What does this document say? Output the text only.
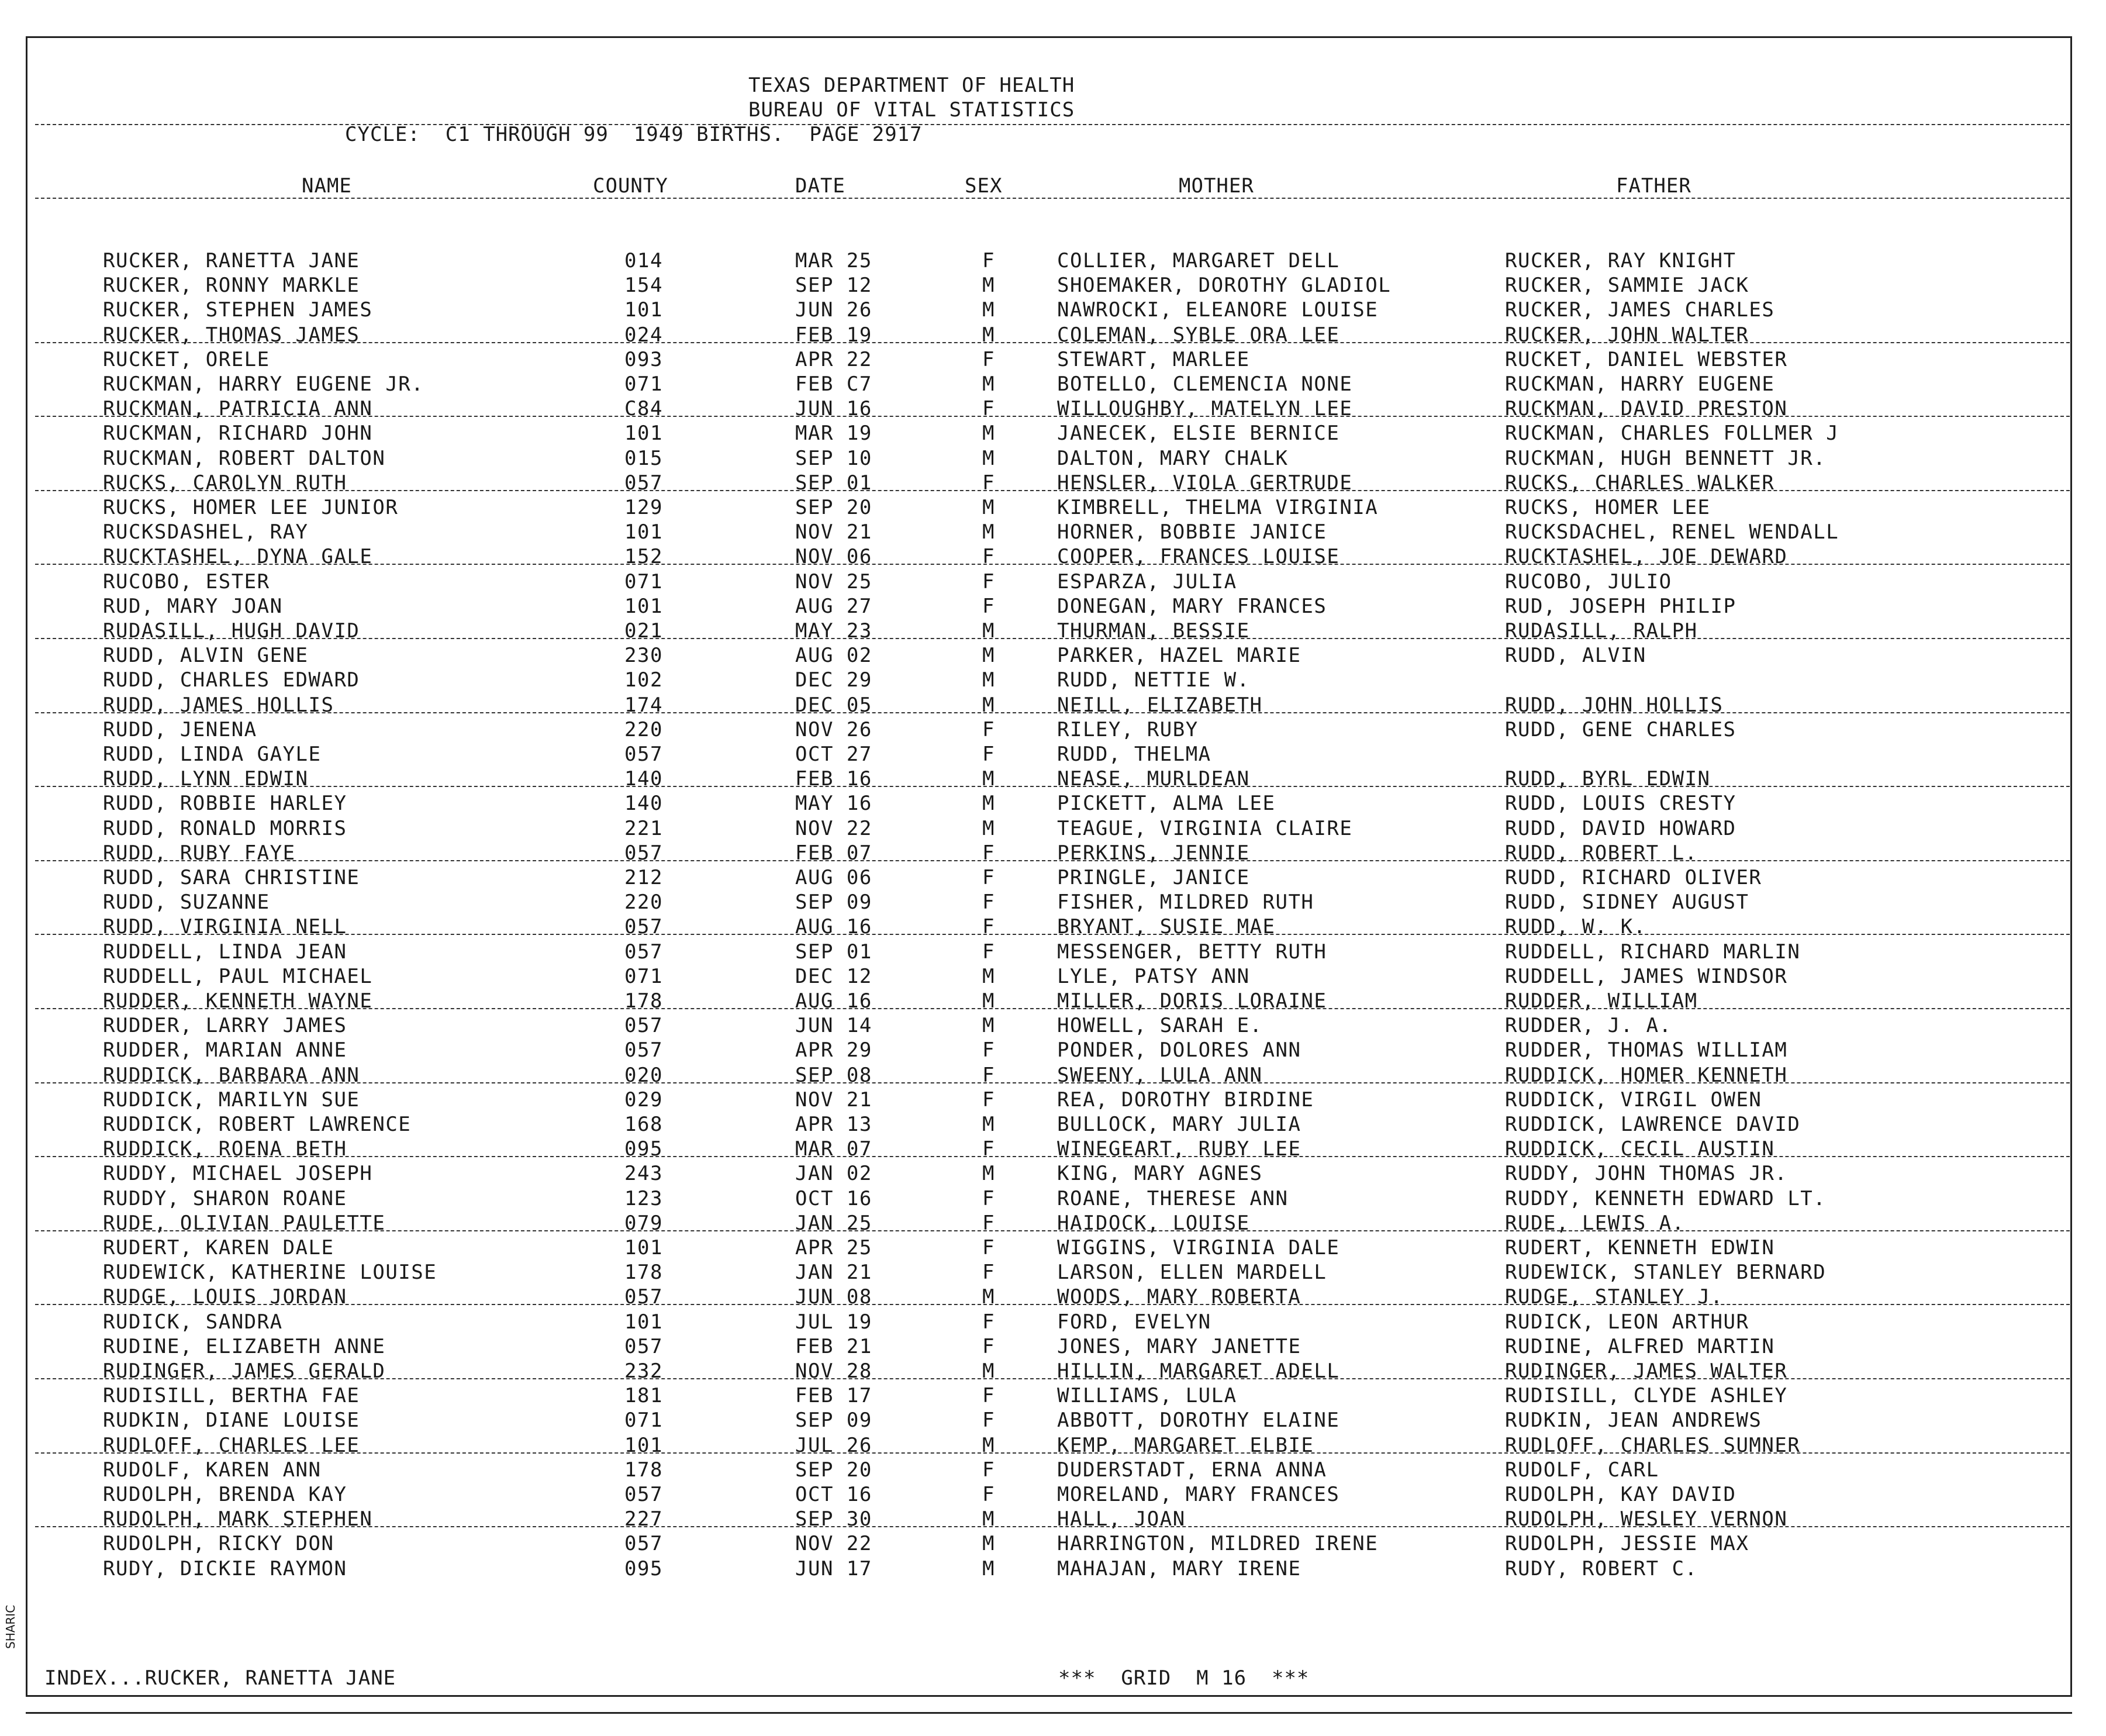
TEXAS DEPARTMENT OF HEALTH
BUREAU OF VITAL STATISTICS
CYCLE:  C1 THROUGH 99  1949 BIRTHS.  PAGE 2917
NAME	COUNTY	DATE	SEX	MOTHER	FATHER
RUCKER, RANETTA JANE	014	MAR 25	F	COLLIER, MARGARET DELL	RUCKER, RAY KNIGHT
RUCKER, RONNY MARKLE	154	SEP 12	M	SHOEMAKER, DOROTHY GLADIOL	RUCKER, SAMMIE JACK
RUCKER, STEPHEN JAMES	101	JUN 26	M	NAWROCKI, ELEANORE LOUISE	RUCKER, JAMES CHARLES
RUCKER, THOMAS JAMES	024	FEB 19	M	COLEMAN, SYBLE ORA LEE	RUCKER, JOHN WALTER
RUCKET, ORELE	093	APR 22	F	STEWART, MARLEE	RUCKET, DANIEL WEBSTER
RUCKMAN, HARRY EUGENE JR.	071	FEB C7	M	BOTELLO, CLEMENCIA NONE	RUCKMAN, HARRY EUGENE
RUCKMAN, PATRICIA ANN	C84	JUN 16	F	WILLOUGHBY, MATELYN LEE	RUCKMAN, DAVID PRESTON
RUCKMAN, RICHARD JOHN	101	MAR 19	M	JANECEK, ELSIE BERNICE	RUCKMAN, CHARLES FOLLMER J
RUCKMAN, ROBERT DALTON	015	SEP 10	M	DALTON, MARY CHALK	RUCKMAN, HUGH BENNETT JR.
RUCKS, CAROLYN RUTH	057	SEP 01	F	HENSLER, VIOLA GERTRUDE	RUCKS, CHARLES WALKER
RUCKS, HOMER LEE JUNIOR	129	SEP 20	M	KIMBRELL, THELMA VIRGINIA	RUCKS, HOMER LEE
RUCKSDASHEL, RAY	101	NOV 21	M	HORNER, BOBBIE JANICE	RUCKSDACHEL, RENEL WENDALL
RUCKTASHEL, DYNA GALE	152	NOV 06	F	COOPER, FRANCES LOUISE	RUCKTASHEL, JOE DEWARD
RUCOBO, ESTER	071	NOV 25	F	ESPARZA, JULIA	RUCOBO, JULIO
RUD, MARY JOAN	101	AUG 27	F	DONEGAN, MARY FRANCES	RUD, JOSEPH PHILIP
RUDASILL, HUGH DAVID	021	MAY 23	M	THURMAN, BESSIE	RUDASILL, RALPH
RUDD, ALVIN GENE	230	AUG 02	M	PARKER, HAZEL MARIE	RUDD, ALVIN
RUDD, CHARLES EDWARD	102	DEC 29	M	RUDD, NETTIE W.
RUDD, JAMES HOLLIS	174	DEC 05	M	NEILL, ELIZABETH	RUDD, JOHN HOLLIS
RUDD, JENENA	220	NOV 26	F	RILEY, RUBY	RUDD, GENE CHARLES
RUDD, LINDA GAYLE	057	OCT 27	F	RUDD, THELMA
RUDD, LYNN EDWIN	140	FEB 16	M	NEASE, MURLDEAN	RUDD, BYRL EDWIN
RUDD, ROBBIE HARLEY	140	MAY 16	M	PICKETT, ALMA LEE	RUDD, LOUIS CRESTY
RUDD, RONALD MORRIS	221	NOV 22	M	TEAGUE, VIRGINIA CLAIRE	RUDD, DAVID HOWARD
RUDD, RUBY FAYE	057	FEB 07	F	PERKINS, JENNIE	RUDD, ROBERT L.
RUDD, SARA CHRISTINE	212	AUG 06	F	PRINGLE, JANICE	RUDD, RICHARD OLIVER
RUDD, SUZANNE	220	SEP 09	F	FISHER, MILDRED RUTH	RUDD, SIDNEY AUGUST
RUDD, VIRGINIA NELL	057	AUG 16	F	BRYANT, SUSIE MAE	RUDD, W. K.
RUDDELL, LINDA JEAN	057	SEP 01	F	MESSENGER, BETTY RUTH	RUDDELL, RICHARD MARLIN
RUDDELL, PAUL MICHAEL	071	DEC 12	M	LYLE, PATSY ANN	RUDDELL, JAMES WINDSOR
RUDDER, KENNETH WAYNE	178	AUG 16	M	MILLER, DORIS LORAINE	RUDDER, WILLIAM
RUDDER, LARRY JAMES	057	JUN 14	M	HOWELL, SARAH E.	RUDDER, J. A.
RUDDER, MARIAN ANNE	057	APR 29	F	PONDER, DOLORES ANN	RUDDER, THOMAS WILLIAM
RUDDICK, BARBARA ANN	020	SEP 08	F	SWEENY, LULA ANN	RUDDICK, HOMER KENNETH
RUDDICK, MARILYN SUE	029	NOV 21	F	REA, DOROTHY BIRDINE	RUDDICK, VIRGIL OWEN
RUDDICK, ROBERT LAWRENCE	168	APR 13	M	BULLOCK, MARY JULIA	RUDDICK, LAWRENCE DAVID
RUDDICK, ROENA BETH	095	MAR 07	F	WINEGEART, RUBY LEE	RUDDICK, CECIL AUSTIN
RUDDY, MICHAEL JOSEPH	243	JAN 02	M	KING, MARY AGNES	RUDDY, JOHN THOMAS JR.
RUDDY, SHARON ROANE	123	OCT 16	F	ROANE, THERESE ANN	RUDDY, KENNETH EDWARD LT.
RUDE, OLIVIAN PAULETTE	079	JAN 25	F	HAIDOCK, LOUISE	RUDE, LEWIS A.
RUDERT, KAREN DALE	101	APR 25	F	WIGGINS, VIRGINIA DALE	RUDERT, KENNETH EDWIN
RUDEWICK, KATHERINE LOUISE	178	JAN 21	F	LARSON, ELLEN MARDELL	RUDEWICK, STANLEY BERNARD
RUDGE, LOUIS JORDAN	057	JUN 08	M	WOODS, MARY ROBERTA	RUDGE, STANLEY J.
RUDICK, SANDRA	101	JUL 19	F	FORD, EVELYN	RUDICK, LEON ARTHUR
RUDINE, ELIZABETH ANNE	057	FEB 21	F	JONES, MARY JANETTE	RUDINE, ALFRED MARTIN
RUDINGER, JAMES GERALD	232	NOV 28	M	HILLIN, MARGARET ADELL	RUDINGER, JAMES WALTER
RUDISILL, BERTHA FAE	181	FEB 17	F	WILLIAMS, LULA	RUDISILL, CLYDE ASHLEY
RUDKIN, DIANE LOUISE	071	SEP 09	F	ABBOTT, DOROTHY ELAINE	RUDKIN, JEAN ANDREWS
RUDLOFF, CHARLES LEE	101	JUL 26	M	KEMP, MARGARET ELBIE	RUDLOFF, CHARLES SUMNER
RUDOLF, KAREN ANN	178	SEP 20	F	DUDERSTADT, ERNA ANNA	RUDOLF, CARL
RUDOLPH, BRENDA KAY	057	OCT 16	F	MORELAND, MARY FRANCES	RUDOLPH, KAY DAVID
RUDOLPH, MARK STEPHEN	227	SEP 30	M	HALL, JOAN	RUDOLPH, WESLEY VERNON
RUDOLPH, RICKY DON	057	NOV 22	M	HARRINGTON, MILDRED IRENE	RUDOLPH, JESSIE MAX
RUDY, DICKIE RAYMON	095	JUN 17	M	MAHAJAN, MARY IRENE	RUDY, ROBERT C.
INDEX...RUCKER, RANETTA JANE	***  GRID  M 16  ***
SHARIC
